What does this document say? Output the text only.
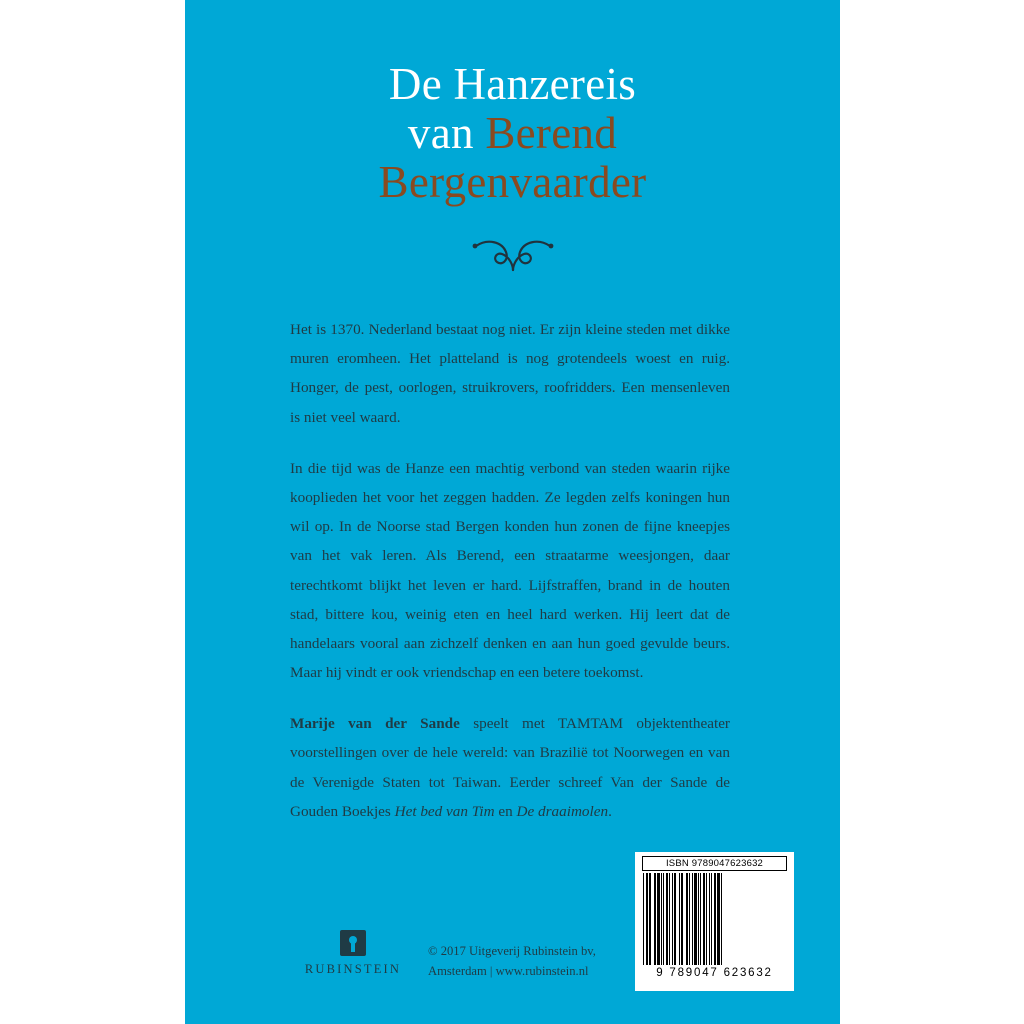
De Hanzereis
van Berend
Bergenvaarder

Het is 1370. Nederland bestaat nog niet. Er zijn kleine steden met dikke muren eromheen. Het platteland is nog grotendeels woest en ruig. Honger, de pest, oorlogen, struikrovers, roofridders. Een mensenleven is niet veel waard.

In die tijd was de Hanze een machtig verbond van steden waarin rijke kooplieden het voor het zeggen hadden. Ze legden zelfs koningen hun wil op. In de Noorse stad Bergen konden hun zonen de fijne kneepjes van het vak leren. Als Berend, een straatarme weesjongen, daar terechtkomt blijkt het leven er hard. Lijfstraffen, brand in de houten stad, bittere kou, weinig eten en heel hard werken. Hij leert dat de handelaars vooral aan zichzelf denken en aan hun goed gevulde beurs. Maar hij vindt er ook vriendschap en een betere toekomst.

Marije van der Sande speelt met TAMTAM objektentheater voorstellingen over de hele wereld: van Brazilië tot Noorwegen en van de Verenigde Staten tot Taiwan. Eerder schreef Van der Sande de Gouden Boekjes Het bed van Tim en De draaimolen.

RUBINSTEIN
© 2017 Uitgeverij Rubinstein bv,
Amsterdam | www.rubinstein.nl
ISBN 9789047623632
9 789047 623632
